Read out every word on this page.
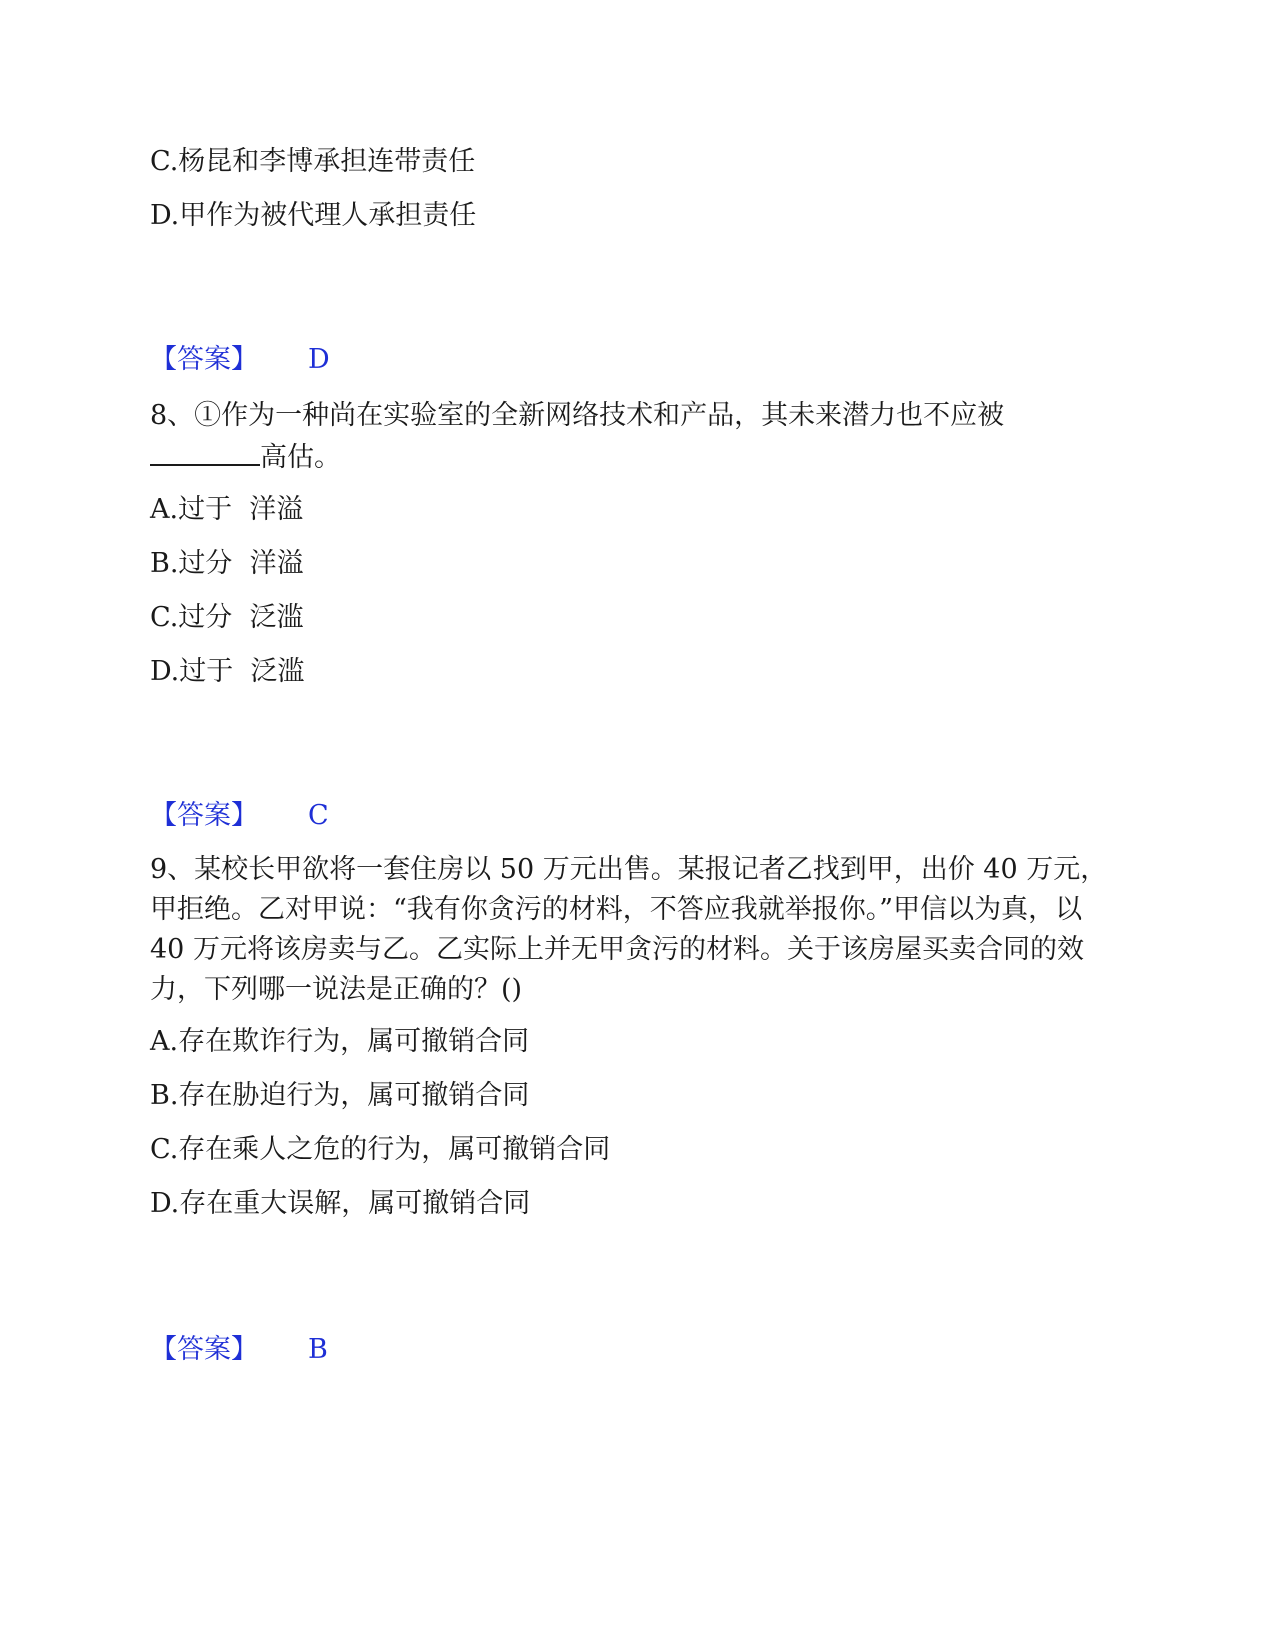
C.杨昆和李博承担连带责任
D.甲作为被代理人承担责任
【答案】 D
8、①作为一种尚在实验室的全新网络技术和产品，其未来潜力也不应被
高估。
A.过于  洋溢
B.过分  洋溢
C.过分  泛滥
D.过于  泛滥
【答案】 C
9、某校长甲欲将一套住房以 50 万元出售。某报记者乙找到甲，出价 40 万元，甲拒绝。乙对甲说：“我有你贪污的材料，不答应我就举报你。”甲信以为真，以 40 万元将该房卖与乙。乙实际上并无甲贪污的材料。关于该房屋买卖合同的效力，下列哪一说法是正确的？()
A.存在欺诈行为，属可撤销合同
B.存在胁迫行为，属可撤销合同
C.存在乘人之危的行为，属可撤销合同
D.存在重大误解，属可撤销合同
【答案】 B
